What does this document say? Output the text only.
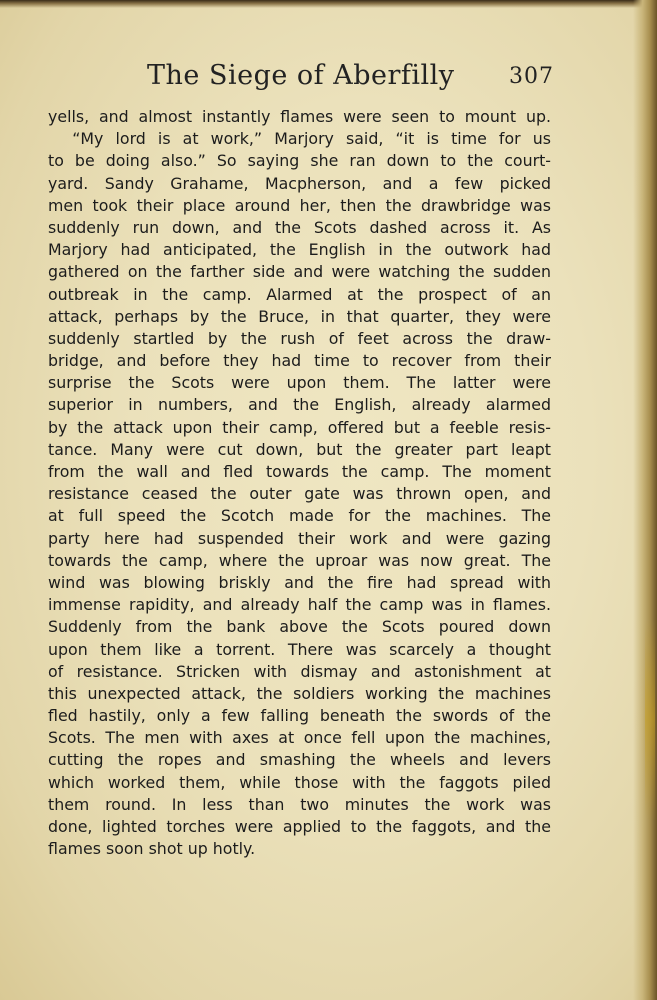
The Siege of Aberfilly 307
yells, and almost instantly flames were seen to mount up.
“My lord is at work,” Marjory said, “it is time for us
to be doing also.” So saying she ran down to the court-
yard. Sandy Grahame, Macpherson, and a few picked
men took their place around her, then the drawbridge was
suddenly run down, and the Scots dashed across it. As
Marjory had anticipated, the English in the outwork had
gathered on the farther side and were watching the sudden
outbreak in the camp. Alarmed at the prospect of an
attack, perhaps by the Bruce, in that quarter, they were
suddenly startled by the rush of feet across the draw-
bridge, and before they had time to recover from their
surprise the Scots were upon them. The latter were
superior in numbers, and the English, already alarmed
by the attack upon their camp, offered but a feeble resis-
tance. Many were cut down, but the greater part leapt
from the wall and fled towards the camp. The moment
resistance ceased the outer gate was thrown open, and
at full speed the Scotch made for the machines. The
party here had suspended their work and were gazing
towards the camp, where the uproar was now great. The
wind was blowing briskly and the fire had spread with
immense rapidity, and already half the camp was in flames.
Suddenly from the bank above the Scots poured down
upon them like a torrent. There was scarcely a thought
of resistance. Stricken with dismay and astonishment at
this unexpected attack, the soldiers working the machines
fled hastily, only a few falling beneath the swords of the
Scots. The men with axes at once fell upon the machines,
cutting the ropes and smashing the wheels and levers
which worked them, while those with the faggots piled
them round. In less than two minutes the work was
done, lighted torches were applied to the faggots, and the
flames soon shot up hotly.
